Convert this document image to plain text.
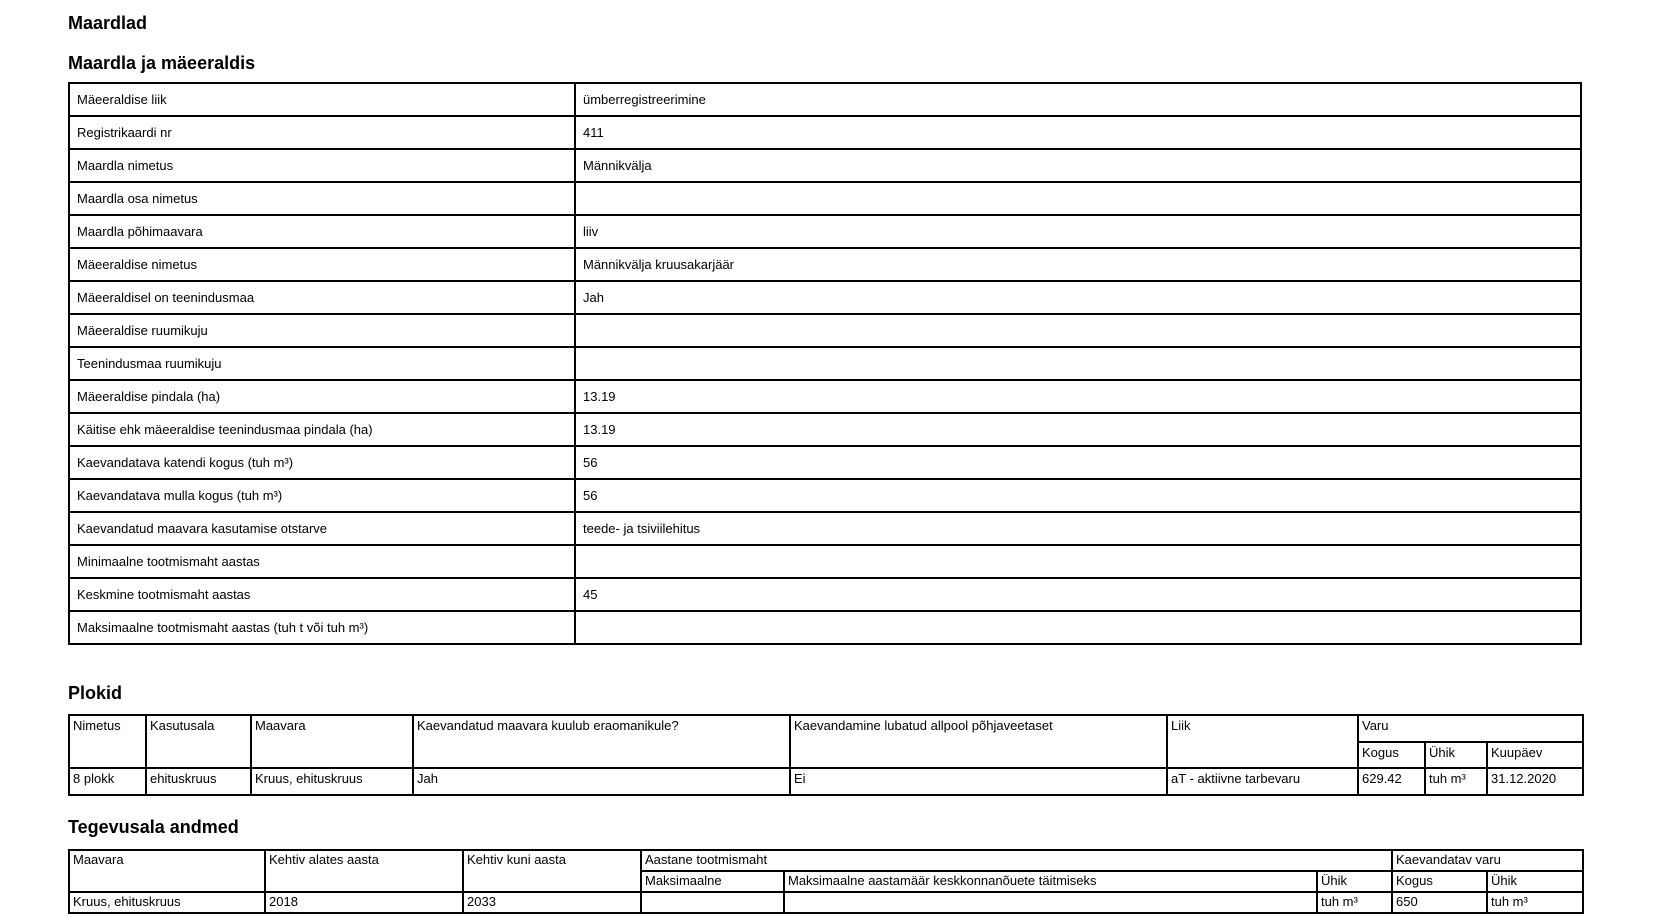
Maardlad
Maardla ja mäeeraldis
Mäeeraldise liik	ümberregistreerimine
Registrikaardi nr	411
Maardla nimetus	Männikvälja
Maardla osa nimetus	
Maardla põhimaavara	liiv
Mäeeraldise nimetus	Männikvälja kruusakarjäär
Mäeeraldisel on teenindusmaa	Jah
Mäeeraldise ruumikuju	
Teenindusmaa ruumikuju	
Mäeeraldise pindala (ha)	13.19
Käitise ehk mäeeraldise teenindusmaa pindala (ha)	13.19
Kaevandatava katendi kogus (tuh m³)	56
Kaevandatava mulla kogus (tuh m³)	56
Kaevandatud maavara kasutamise otstarve	teede- ja tsiviilehitus
Minimaalne tootmismaht aastas	
Keskmine tootmismaht aastas	45
Maksimaalne tootmismaht aastas (tuh t või tuh m³)	
Plokid
Nimetus	Kasutusala	Maavara	Kaevandatud maavara kuulub eraomanikule?	Kaevandamine lubatud allpool põhjaveetaset	Liik	Varu		
						Kogus	Ühik	Kuupäev
8 plokk	ehituskruus	Kruus, ehituskruus	Jah	Ei	aT - aktiivne tarbevaru	629.42	tuh m³	31.12.2020
Tegevusala andmed
Maavara	Kehtiv alates aasta	Kehtiv kuni aasta	Aastane tootmismaht			Kaevandatav varu	
			Maksimaalne	Maksimaalne aastamäär keskkonnanõuete täitmiseks	Ühik	Kogus	Ühik
Kruus, ehituskruus	2018	2033			tuh m³	650	tuh m³
